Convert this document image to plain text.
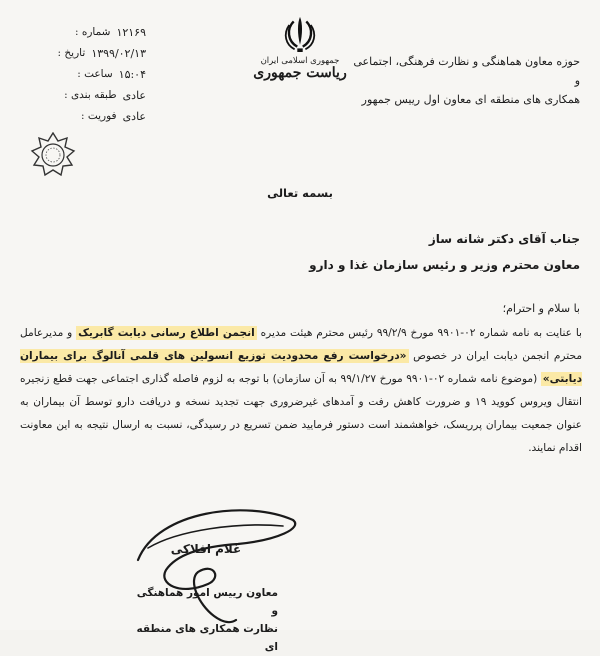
شماره : ۱۲۱۶۹
تاریخ : ۱۳۹۹/۰۲/۱۳
ساعت : ۱۵:۰۴
طبقه بندی : عادی
فوریت : عادی
جمهوری اسلامی ایران
ریاست جمهوری
حوزه معاون هماهنگی و نظارت فرهنگی، اجتماعی و
همکاری های منطقه ای معاون اول رییس جمهور
بسمه تعالی
جناب آقای دکتر شانه ساز
معاون محترم وزیر و رئیس سازمان غذا و دارو
با سلام و احترام؛

با عنایت به نامه شماره ۰۲-۹۹۰۱ مورخ ۹۹/۲/۹ رئیس محترم هیئت مدیره انجمن اطلاع رسانی دیابت گابریک و مدیرعامل محترم انجمن دیابت ایران در خصوص «درخواست رفع محدودیت توزیع انسولین های قلمی آنالوگ برای بیماران دیابتی» (موضوع نامه شماره ۰۲-۹۹۰۱ مورخ ۹۹/۱/۲۷ به آن سازمان) با توجه به لزوم فاصله گذاری اجتماعی جهت قطع زنجیره انتقال ویروس کووید ۱۹ و ضرورت کاهش رفت و آمدهای غیرضروری جهت تجدید نسخه و دریافت دارو توسط آن بیماران به عنوان جمعیت بیماران پرریسک، خواهشمند است دستور فرمایید ضمن تسریع در رسیدگی، نسبت به ارسال نتیجه به این معاونت اقدام نمایند.

غلام افلاکی
معاون رییس امور هماهنگی و
نظارت همکاری های منطقه ای
